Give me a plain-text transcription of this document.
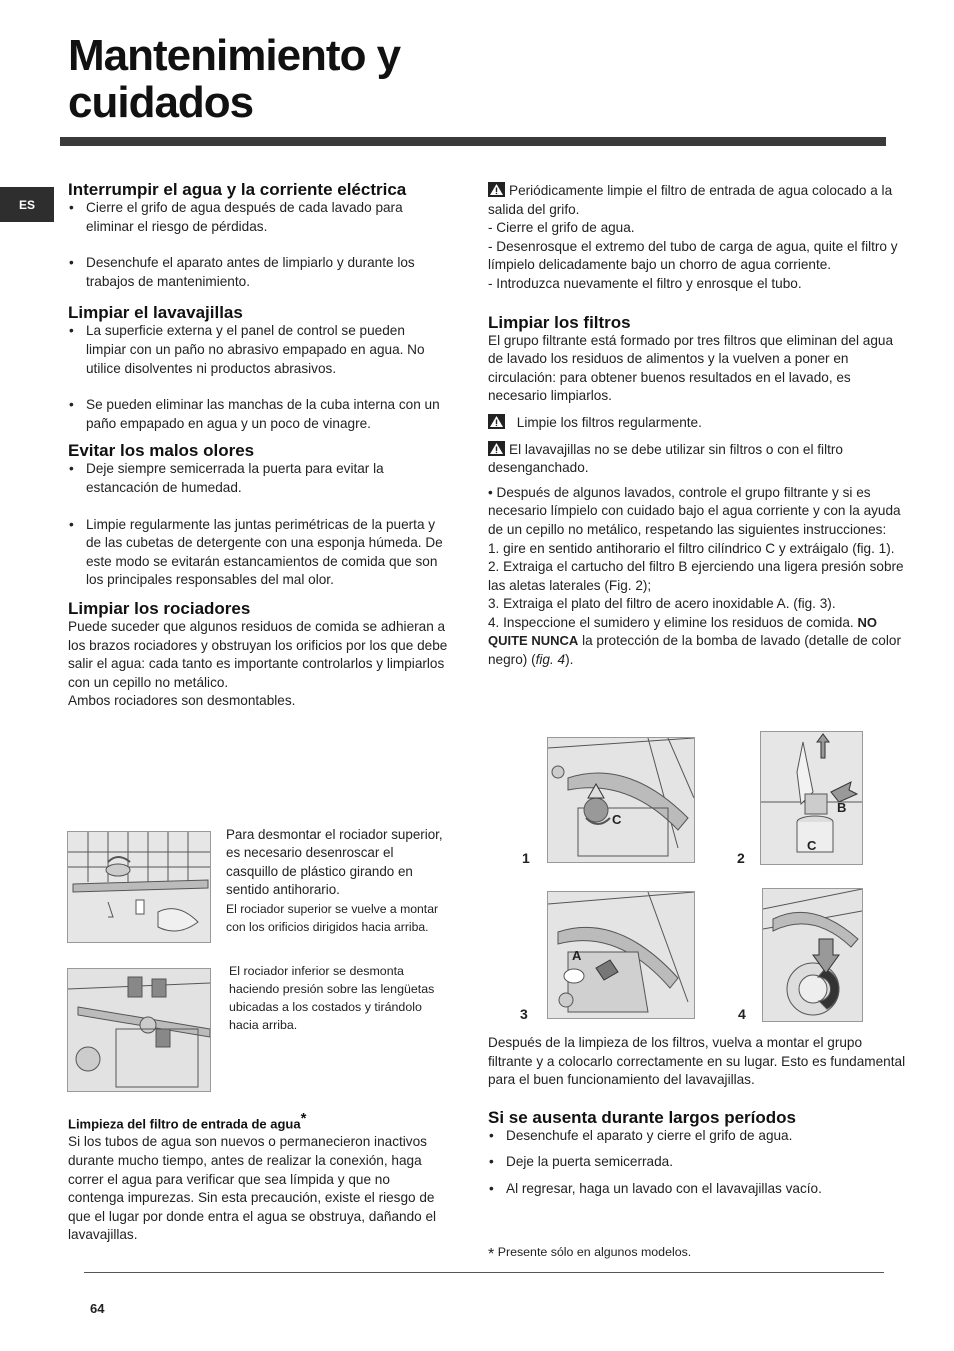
Mantenimiento y cuidados
ES
Interrumpir el agua y la corriente eléctrica

• Cierre el grifo de agua después de cada lavado para eliminar el riesgo de pérdidas.

• Desenchufe el aparato antes de limpiarlo y durante los trabajos de mantenimiento.

Limpiar el lavavajillas

• La superficie externa y el panel de control se pueden limpiar con un paño no abrasivo empapado en agua. No utilice disolventes ni productos abrasivos.

• Se pueden eliminar las manchas de la cuba interna con un paño empapado en agua y un poco de vinagre.

Evitar los malos olores

• Deje siempre semicerrada la puerta para evitar la estancación de humedad.

• Limpie regularmente las juntas perimétricas de la puerta y de las cubetas de detergente con una esponja húmeda. De este modo se evitarán estancamientos de comida que son los principales responsables del mal olor.

Limpiar los rociadores

Puede suceder que algunos residuos de comida se adhieran a los brazos rociadores y obstruyan los orificios por los que debe salir el agua: cada tanto es importante controlarlos y limpiarlos con un cepillo no metálico.

Ambos rociadores son desmontables.

Para desmontar el rociador superior, es necesario desenroscar el casquillo de plástico girando en sentido antihorario.

El rociador superior se vuelve a montar con los orificios dirigidos hacia arriba.

El rociador inferior se desmonta haciendo presión sobre las lengüetas ubicadas a los costados y tirándolo hacia arriba.

Limpieza del filtro de entrada de agua*

Si los tubos de agua son nuevos o permanecieron inactivos durante mucho tiempo, antes de realizar la conexión, haga correr el agua para verificar que sea límpida y que no contenga impurezas. Sin esta precaución, existe el riesgo de que el lugar por donde entra el agua se obstruya, dañando el lavavajillas.

Periódicamente limpie el filtro de entrada de agua colocado a la salida del grifo.

- Cierre el grifo de agua.

- Desenrosque el extremo del tubo de carga de agua, quite el filtro y límpielo delicadamente bajo un chorro de agua corriente.

- Introduzca nuevamente el filtro y enrosque el tubo.

Limpiar los filtros

El grupo filtrante está formado por tres filtros que eliminan del agua de lavado los residuos de alimentos y la vuelven a poner en circulación: para obtener buenos resultados en el lavado, es necesario limpiarlos.

Limpie los filtros regularmente.

El lavavajillas no se debe utilizar sin filtros o con el filtro desenganchado.

• Después de algunos lavados, controle el grupo filtrante y si es necesario límpielo con cuidado bajo el agua corriente y con la ayuda de un cepillo no metálico, respetando las siguientes instrucciones:

1. gire en sentido antihorario el filtro cilíndrico C y extráigalo (fig. 1).

2. Extraiga el cartucho del filtro B ejerciendo una ligera presión sobre las aletas laterales (Fig. 2);

3. Extraiga el plato del filtro de acero inoxidable A. (fig. 3).

4. Inspeccione el sumidero y elimine los residuos de comida. NO QUITE NUNCA la protección de la bomba de lavado (detalle de color negro) (fig. 4).

C
B
C
A
1	2
3	4

Después de la limpieza de los filtros, vuelva a montar el grupo filtrante y a colocarlo correctamente en su lugar. Esto es fundamental para el buen funcionamiento del lavavajillas.

Si se ausenta durante largos períodos

• Desenchufe el aparato y cierre el grifo de agua.

• Deje la puerta semicerrada.

• Al regresar, haga un lavado con el lavavajillas vacío.

* Presente sólo en algunos modelos.
64
